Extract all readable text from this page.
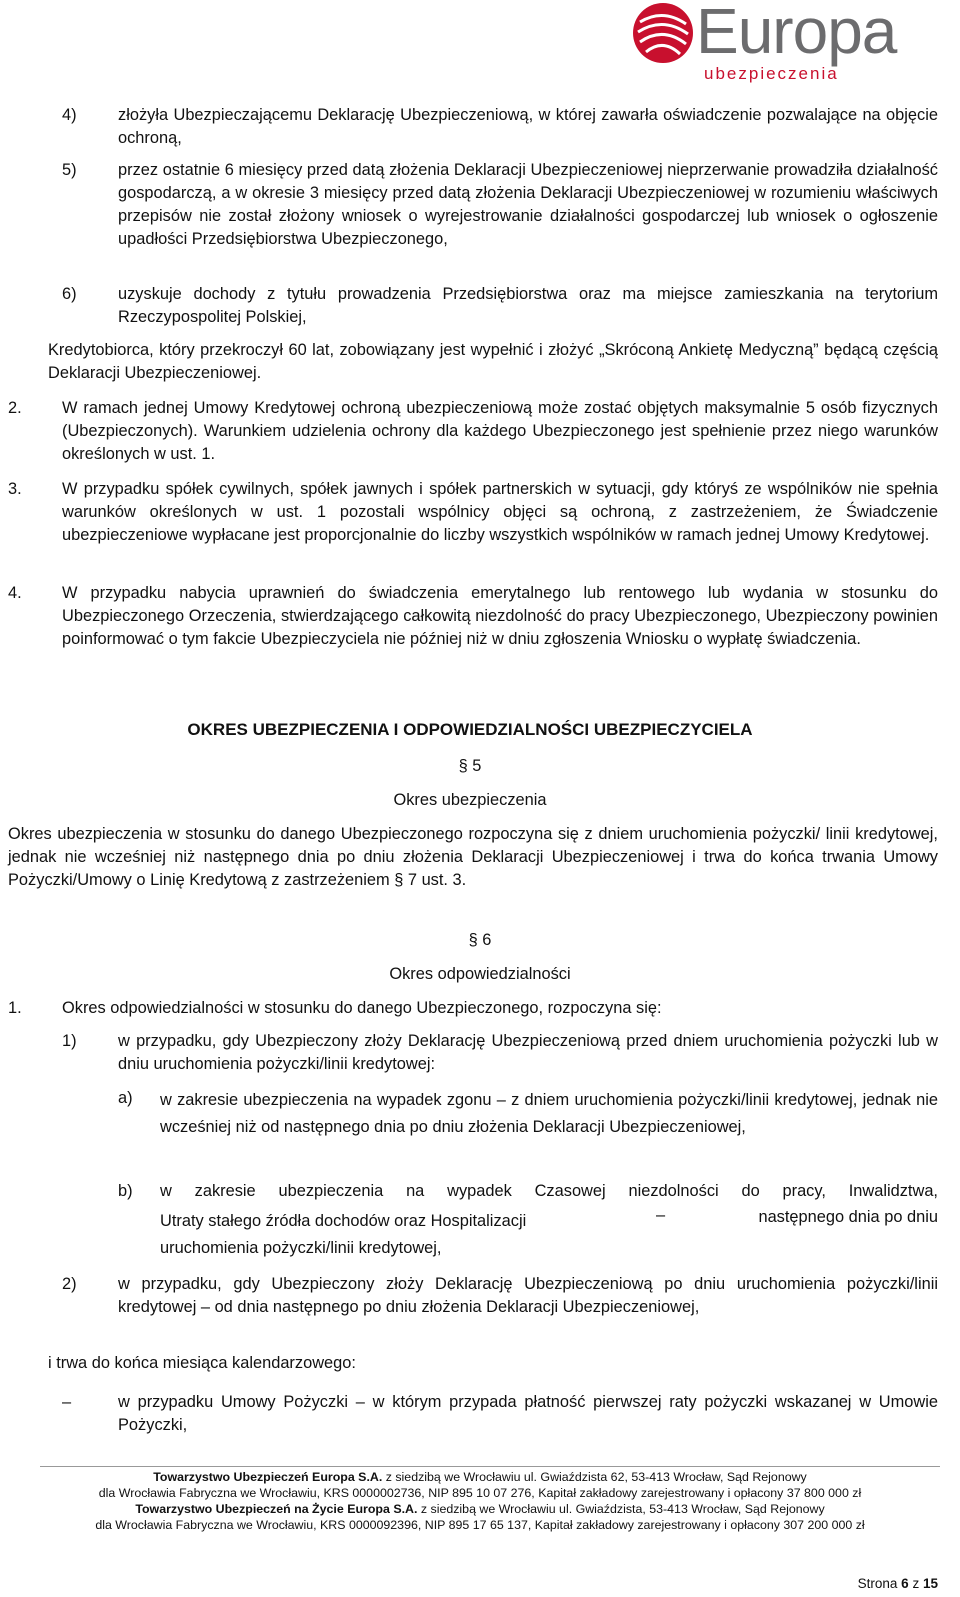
Europa
ubezpieczenia

4)	złożyła Ubezpieczającemu Deklarację Ubezpieczeniową, w której zawarła oświadczenie pozwalające na objęcie ochroną,

5)	przez ostatnie 6 miesięcy przed datą złożenia Deklaracji Ubezpieczeniowej nieprzerwanie prowadziła działalność gospodarczą, a w okresie 3 miesięcy przed datą złożenia Deklaracji Ubezpieczeniowej w rozumieniu właściwych przepisów nie został złożony wniosek o wyrejestrowanie działalności gospodarczej lub wniosek o ogłoszenie upadłości Przedsiębiorstwa Ubezpieczonego,

6)	uzyskuje dochody z tytułu prowadzenia Przedsiębiorstwa oraz ma miejsce zamieszkania na terytorium Rzeczypospolitej Polskiej,

Kredytobiorca, który przekroczył 60 lat, zobowiązany jest wypełnić i złożyć „Skróconą Ankietę Medyczną” będącą częścią Deklaracji Ubezpieczeniowej.

2. W ramach jednej Umowy Kredytowej ochroną ubezpieczeniową może zostać objętych maksymalnie 5 osób fizycznych (Ubezpieczonych). Warunkiem udzielenia ochrony dla każdego Ubezpieczonego jest spełnienie przez niego warunków określonych w ust. 1.

3. W przypadku spółek cywilnych, spółek jawnych i spółek partnerskich w sytuacji, gdy któryś ze wspólników nie spełnia warunków określonych w ust. 1 pozostali wspólnicy objęci są ochroną, z zastrzeżeniem, że Świadczenie ubezpieczeniowe wypłacane jest proporcjonalnie do liczby wszystkich wspólników w ramach jednej Umowy Kredytowej.

4. W przypadku nabycia uprawnień do świadczenia emerytalnego lub rentowego lub wydania w stosunku do Ubezpieczonego Orzeczenia, stwierdzającego całkowitą niezdolność do pracy Ubezpieczonego, Ubezpieczony powinien poinformować o tym fakcie Ubezpieczyciela nie później niż w dniu zgłoszenia Wniosku o wypłatę świadczenia.

OKRES UBEZPIECZENIA I ODPOWIEDZIALNOŚCI UBEZPIECZYCIELA

§ 5

Okres ubezpieczenia

Okres ubezpieczenia w stosunku do danego Ubezpieczonego rozpoczyna się z dniem uruchomienia pożyczki/ linii kredytowej, jednak nie wcześniej niż następnego dnia po dniu złożenia Deklaracji Ubezpieczeniowej i trwa do końca trwania Umowy Pożyczki/Umowy o Linię Kredytową z zastrzeżeniem § 7 ust. 3.

§ 6

Okres odpowiedzialności

1. Okres odpowiedzialności w stosunku do danego Ubezpieczonego, rozpoczyna się:

1)	w przypadku, gdy Ubezpieczony złoży Deklarację Ubezpieczeniową przed dniem uruchomienia pożyczki lub w dniu uruchomienia pożyczki/linii kredytowej:

a) w zakresie ubezpieczenia na wypadek zgonu – z dniem uruchomienia pożyczki/linii kredytowej, jednak nie wcześniej niż od następnego dnia po dniu złożenia Deklaracji Ubezpieczeniowej,

b) w zakresie ubezpieczenia na wypadek Czasowej niezdolności do pracy, Inwalidztwa,

Utraty stałego źródła dochodów oraz Hospitalizacji	–	następnego dnia po dniu

uruchomienia pożyczki/linii kredytowej,

2)	w przypadku, gdy Ubezpieczony złoży Deklarację Ubezpieczeniową po dniu uruchomienia pożyczki/linii kredytowej – od dnia następnego po dniu złożenia Deklaracji Ubezpieczeniowej,

i trwa do końca miesiąca kalendarzowego:

–	w przypadku Umowy Pożyczki – w którym przypada płatność pierwszej raty pożyczki wskazanej w Umowie Pożyczki,

Towarzystwo Ubezpieczeń Europa S.A. z siedzibą we Wrocławiu ul. Gwiaździsta 62, 53-413 Wrocław, Sąd Rejonowy

dla Wrocławia Fabryczna we Wrocławiu, KRS 0000002736, NIP 895 10 07 276, Kapitał zakładowy zarejestrowany i opłacony 37 800 000 zł

Towarzystwo Ubezpieczeń na Życie Europa S.A. z siedzibą we Wrocławiu ul. Gwiaździsta, 53-413 Wrocław, Sąd Rejonowy

dla Wrocławia Fabryczna we Wrocławiu, KRS 0000092396, NIP 895 17 65 137, Kapitał zakładowy zarejestrowany i opłacony 307 200 000 zł

Strona 6 z 15
